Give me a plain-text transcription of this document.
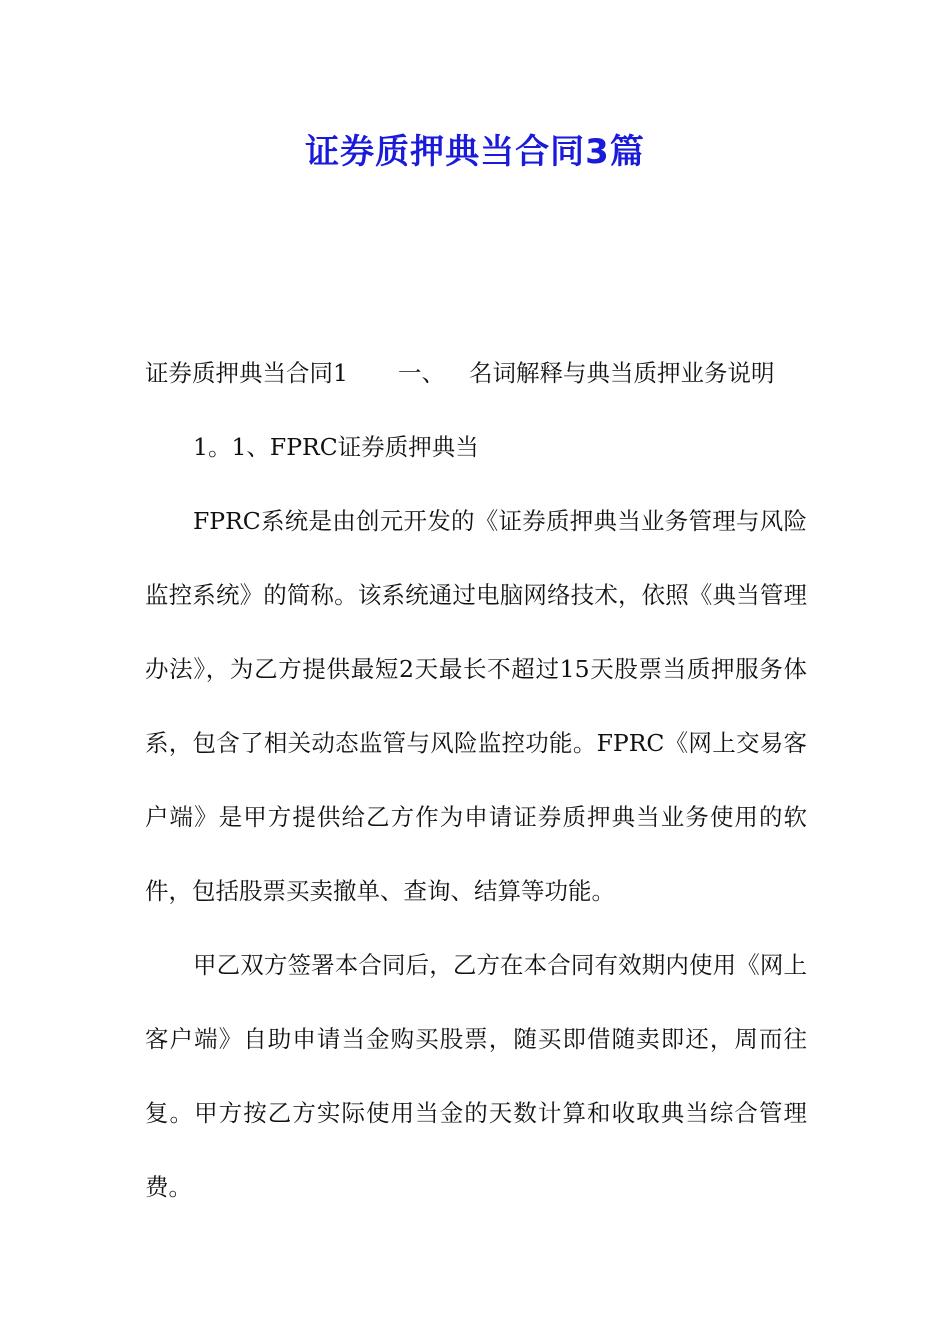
证券质押典当合同3篇

证券质押典当合同1 一、 名词解释与典当质押业务说明

1。1、FPRC证券质押典当

FPRC系统是由创元开发的《证券质押典当业务管理与风险监控系统》的简称。该系统通过电脑网络技术，依照《典当管理办法》，为乙方提供最短2天最长不超过15天股票当质押服务体系，包含了相关动态监管与风险监控功能。FPRC《网上交易客户端》是甲方提供给乙方作为申请证券质押典当业务使用的软件，包括股票买卖撤单、查询、结算等功能。

甲乙双方签署本合同后，乙方在本合同有效期内使用《网上客户端》自助申请当金购买股票，随买即借随卖即还，周而往复。甲方按乙方实际使用当金的天数计算和收取典当综合管理费。
